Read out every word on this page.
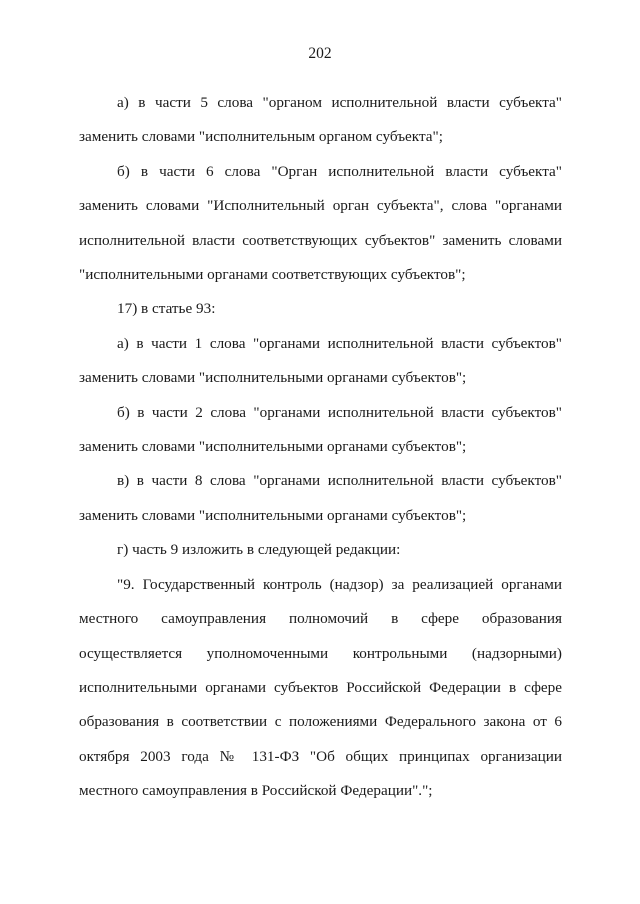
202

а) в части 5 слова "органом исполнительной власти субъекта" заменить словами "исполнительным органом субъекта";

б) в части 6 слова "Орган исполнительной власти субъекта" заменить словами "Исполнительный орган субъекта", слова "органами исполнительной власти соответствующих субъектов" заменить словами "исполнительными органами соответствующих субъектов";

17) в статье 93:

а) в части 1 слова "органами исполнительной власти субъектов" заменить словами "исполнительными органами субъектов";

б) в части 2 слова "органами исполнительной власти субъектов" заменить словами "исполнительными органами субъектов";

в) в части 8 слова "органами исполнительной власти субъектов" заменить словами "исполнительными органами субъектов";

г) часть 9 изложить в следующей редакции:

"9. Государственный контроль (надзор) за реализацией органами местного самоуправления полномочий в сфере образования осуществляется уполномоченными контрольными (надзорными) исполнительными органами субъектов Российской Федерации в сфере образования в соответствии с положениями Федерального закона от 6 октября 2003 года № 131-ФЗ "Об общих принципах организации местного самоуправления в Российской Федерации".";
